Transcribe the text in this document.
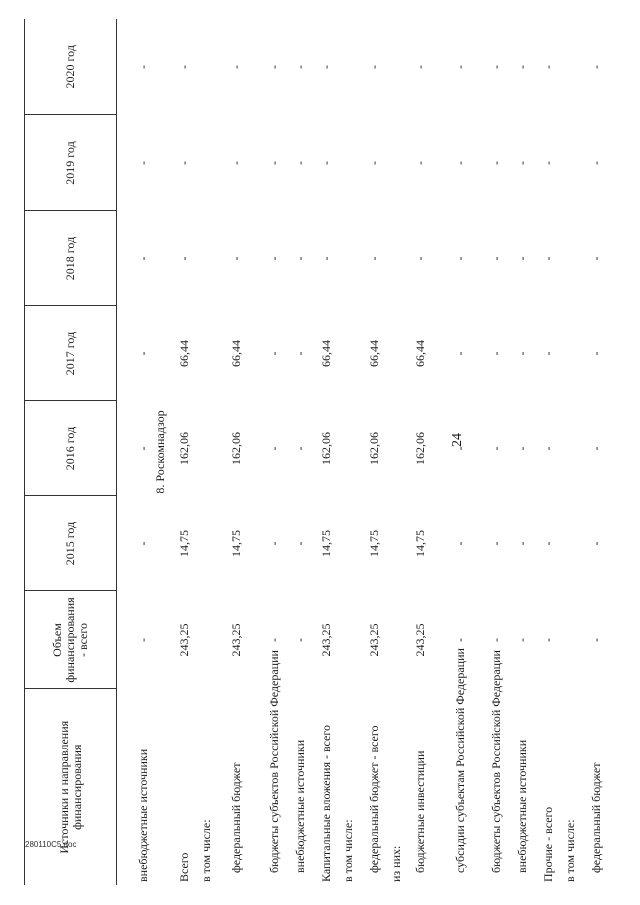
24
Источники и направления финансирования	Объем финансирования - всего	2015 год	2016 год	2017 год	2018 год	2019 год	2020 год
внебюджетные источники	-	-	-	-	-	-	-
8. Роскомнадзор							
Всего	243,25	14,75	162,06	66,44	-	-	-
в том числе:							
федеральный бюджет	243,25	14,75	162,06	66,44	-	-	-
бюджеты субъектов Российской Федерации	-	-	-	-	-	-	-
внебюджетные источники	-	-	-	-	-	-	-
Капитальные вложения - всего	243,25	14,75	162,06	66,44	-	-	-
в том числе:							
федеральный бюджет - всего	243,25	14,75	162,06	66,44	-	-	-
из них:							
бюджетные инвестиции	243,25	14,75	162,06	66,44	-	-	-
субсидии субъектам Российской Федерации	-	-	-	-	-	-	-
бюджеты субъектов Российской Федерации	-	-	-	-	-	-	-
внебюджетные источники	-	-	-	-	-	-	-
Прочие - всего	-	-	-	-	-	-	-
в том числе:							
федеральный бюджет	-	-	-	-	-	-	-
280110C5.doc
